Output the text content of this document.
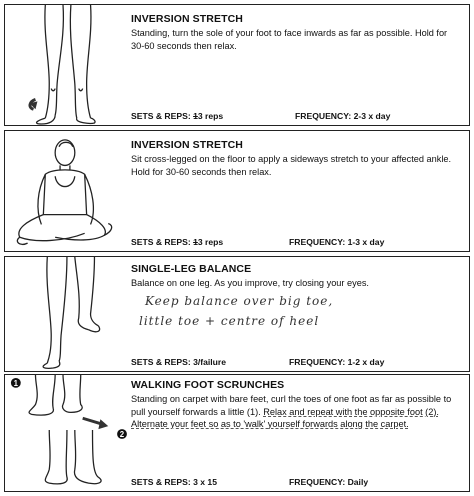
INVERSION STRETCH
Standing, turn the sole of your foot to face inwards as far as possible. Hold for 30-60 seconds then relax.
SETS & REPS: 13 reps	FREQUENCY: 2-3 x day
INVERSION STRETCH
Sit cross-legged on the floor to apply a sideways stretch to your affected ankle. Hold for 30-60 seconds then relax.
SETS & REPS: 13 reps	FREQUENCY: 1-3 x day
SINGLE-LEG BALANCE
Balance on one leg. As you improve, try closing your eyes.
Keep balance over big toe,
little toe + centre of heel
SETS & REPS: 3/failure	FREQUENCY: 1-2 x day
1
2
WALKING FOOT SCRUNCHES
Standing on carpet with bare feet, curl the toes of one foot as far as possible to pull yourself forwards a little (1). Relax and repeat with the opposite foot (2). Alternate your feet so as to 'walk' yourself forwards along the carpet.
SETS & REPS: 3 x 15	FREQUENCY: Daily
